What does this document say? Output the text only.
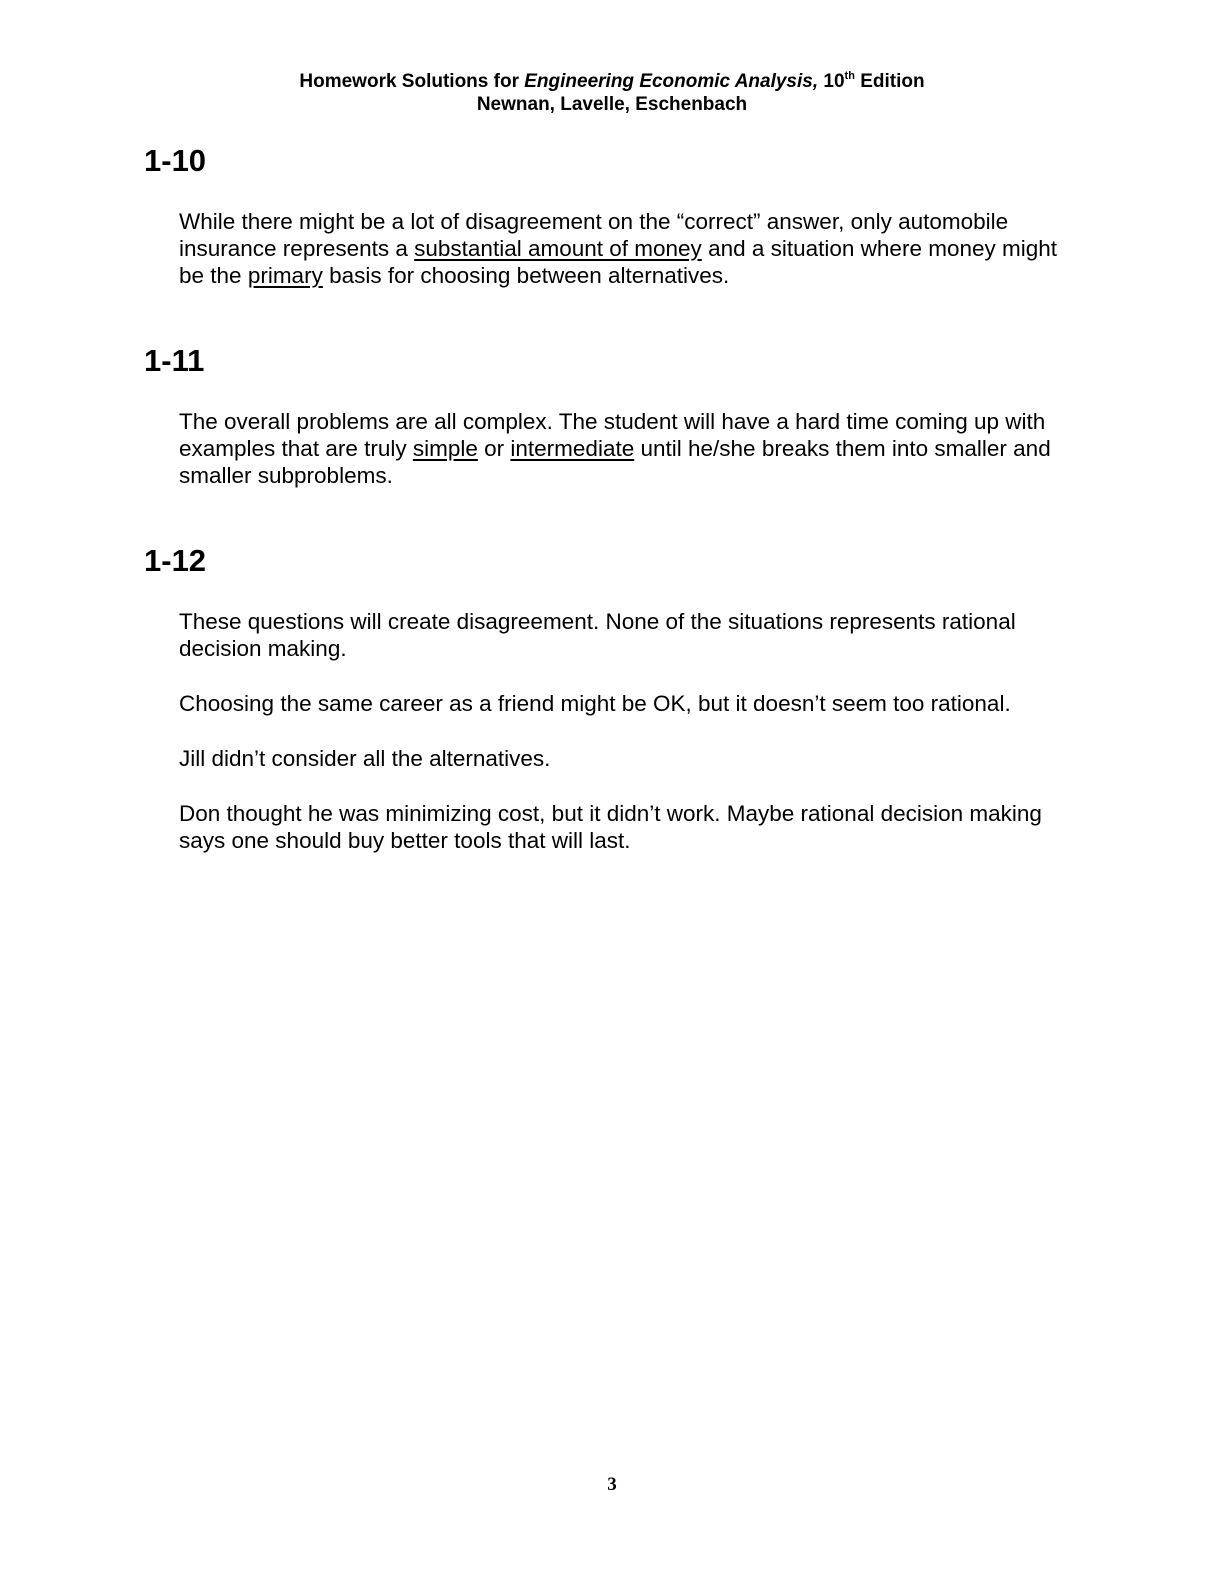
Homework Solutions for Engineering Economic Analysis, 10th Edition
Newnan, Lavelle, Eschenbach
1-10

While there might be a lot of disagreement on the “correct” answer, only automobile insurance represents a substantial amount of money and a situation where money might be the primary basis for choosing between alternatives.

1-11

The overall problems are all complex. The student will have a hard time coming up with examples that are truly simple or intermediate until he/she breaks them into smaller and smaller subproblems.

1-12

These questions will create disagreement. None of the situations represents rational decision making.

Choosing the same career as a friend might be OK, but it doesn’t seem too rational.

Jill didn’t consider all the alternatives.

Don thought he was minimizing cost, but it didn’t work. Maybe rational decision making says one should buy better tools that will last.

3
